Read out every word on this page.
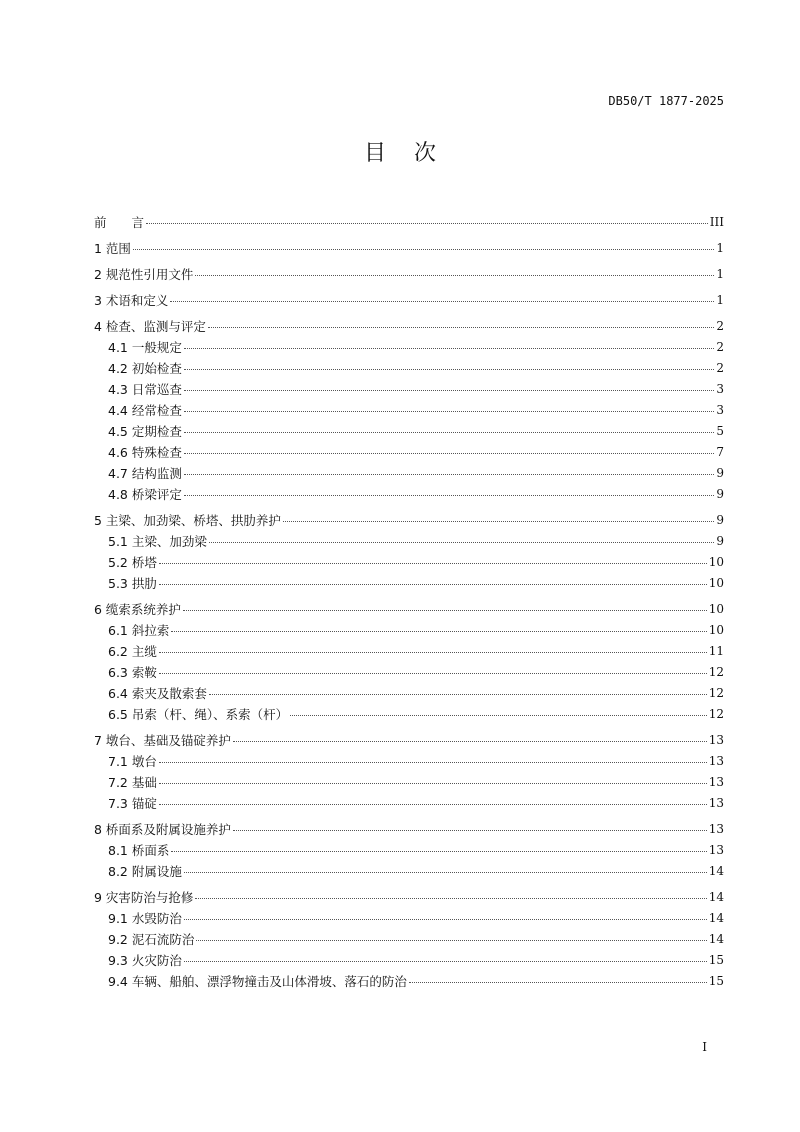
DB50/T 1877-2025
目次
前　　言	III
1 范围	1
2 规范性引用文件	1
3 术语和定义	1
4 检查、监测与评定	2
4.1 一般规定	2
4.2 初始检查	2
4.3 日常巡查	3
4.4 经常检查	3
4.5 定期检查	5
4.6 特殊检查	7
4.7 结构监测	9
4.8 桥梁评定	9
5 主梁、加劲梁、桥塔、拱肋养护	9
5.1 主梁、加劲梁	9
5.2 桥塔	10
5.3 拱肋	10
6 缆索系统养护	10
6.1 斜拉索	10
6.2 主缆	11
6.3 索鞍	12
6.4 索夹及散索套	12
6.5 吊索（杆、绳）、系索（杆）	12
7 墩台、基础及锚碇养护	13
7.1 墩台	13
7.2 基础	13
7.3 锚碇	13
8 桥面系及附属设施养护	13
8.1 桥面系	13
8.2 附属设施	14
9 灾害防治与抢修	14
9.1 水毁防治	14
9.2 泥石流防治	14
9.3 火灾防治	15
9.4 车辆、船舶、漂浮物撞击及山体滑坡、落石的防治	15
I
